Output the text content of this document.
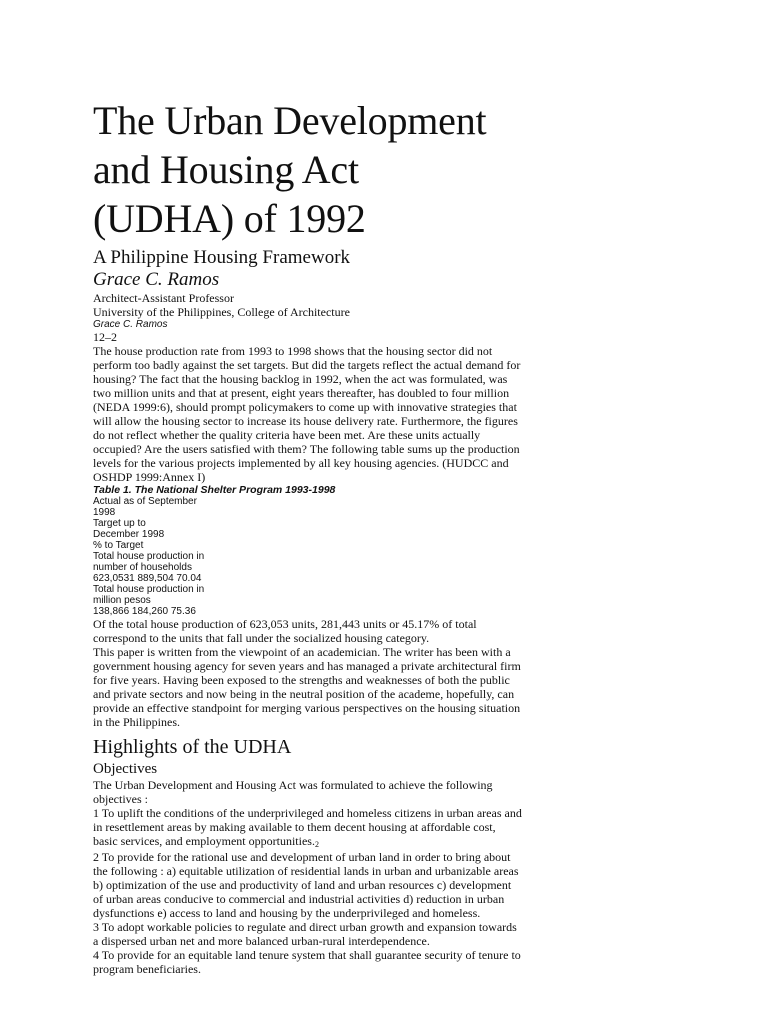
The Urban Development
and Housing Act
(UDHA) of 1992
A Philippine Housing Framework

Grace C. Ramos

Architect-Assistant Professor
University of the Philippines, College of Architecture
Grace C. Ramos
12–2

The house production rate from 1993 to 1998 shows that the housing sector did not perform too badly against the set targets. But did the targets reflect the actual demand for housing? The fact that the housing backlog in 1992, when the act was formulated, was two million units and that at present, eight years thereafter, has doubled to four million (NEDA 1999:6), should prompt policymakers to come up with innovative strategies that will allow the housing sector to increase its house delivery rate. Furthermore, the figures do not reflect whether the quality criteria have been met. Are these units actually occupied? Are the users satisfied with them? The following table sums up the production levels for the various projects implemented by all key housing agencies. (HUDCC and OSHDP 1999:Annex I)

Table 1. The National Shelter Program 1993-1998
Actual as of September
1998
Target up to
December 1998
% to Target
Total house production in
number of households
623,0531 889,504 70.04
Total house production in
million pesos
138,866 184,260 75.36

Of the total house production of 623,053 units, 281,443 units or 45.17% of total correspond to the units that fall under the socialized housing category.

This paper is written from the viewpoint of an academician. The writer has been with a government housing agency for seven years and has managed a private architectural firm for five years. Having been exposed to the strengths and weaknesses of both the public and private sectors and now being in the neutral position of the academe, hopefully, can provide an effective standpoint for merging various perspectives on the housing situation in the Philippines.

Highlights of the UDHA
Objectives

The Urban Development and Housing Act was formulated to achieve the following objectives :

1 To uplift the conditions of the underprivileged and homeless citizens in urban areas and in resettlement areas by making available to them decent housing at affordable cost, basic services, and employment opportunities.$^2$

2 To provide for the rational use and development of urban land in order to bring about the following : a) equitable utilization of residential lands in urban and urbanizable areas b) optimization of the use and productivity of land and urban resources c) development of urban areas conducive to commercial and industrial activities d) reduction in urban dysfunctions e) access to land and housing by the underprivileged and homeless.

3 To adopt workable policies to regulate and direct urban growth and expansion towards a dispersed urban net and more balanced urban-rural interdependence.

4 To provide for an equitable land tenure system that shall guarantee security of tenure to program beneficiaries.
